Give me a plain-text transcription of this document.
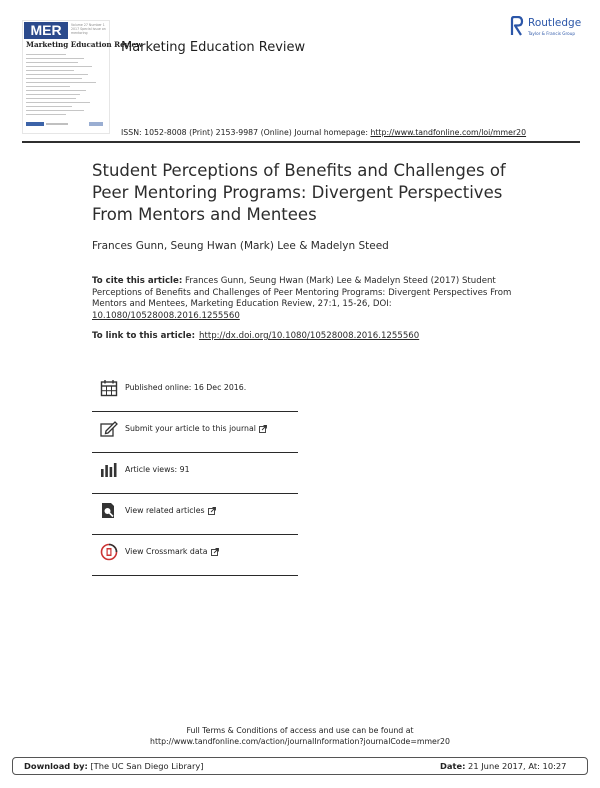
MER	Volume 27 Number 1 2017 Special issue on mentoring
Marketing Education Review
Marketing Education Review
Routledge
Taylor & Francis Group
ISSN: 1052-8008 (Print) 2153-9987 (Online) Journal homepage: http://www.tandfonline.com/loi/mmer20
Student Perceptions of Benefits and Challenges of Peer Mentoring Programs: Divergent Perspectives From Mentors and Mentees
Frances Gunn, Seung Hwan (Mark) Lee & Madelyn Steed
To cite this article: Frances Gunn, Seung Hwan (Mark) Lee & Madelyn Steed (2017) Student Perceptions of Benefits and Challenges of Peer Mentoring Programs: Divergent Perspectives From Mentors and Mentees, Marketing Education Review, 27:1, 15-26, DOI: 10.1080/10528008.2016.1255560
To link to this article: http://dx.doi.org/10.1080/10528008.2016.1255560
Published online: 16 Dec 2016.
Submit your article to this journal
Article views: 91
View related articles
View Crossmark data
Full Terms & Conditions of access and use can be found at
http://www.tandfonline.com/action/journalInformation?journalCode=mmer20
Download by: [The UC San Diego Library]	Date: 21 June 2017, At: 10:27
